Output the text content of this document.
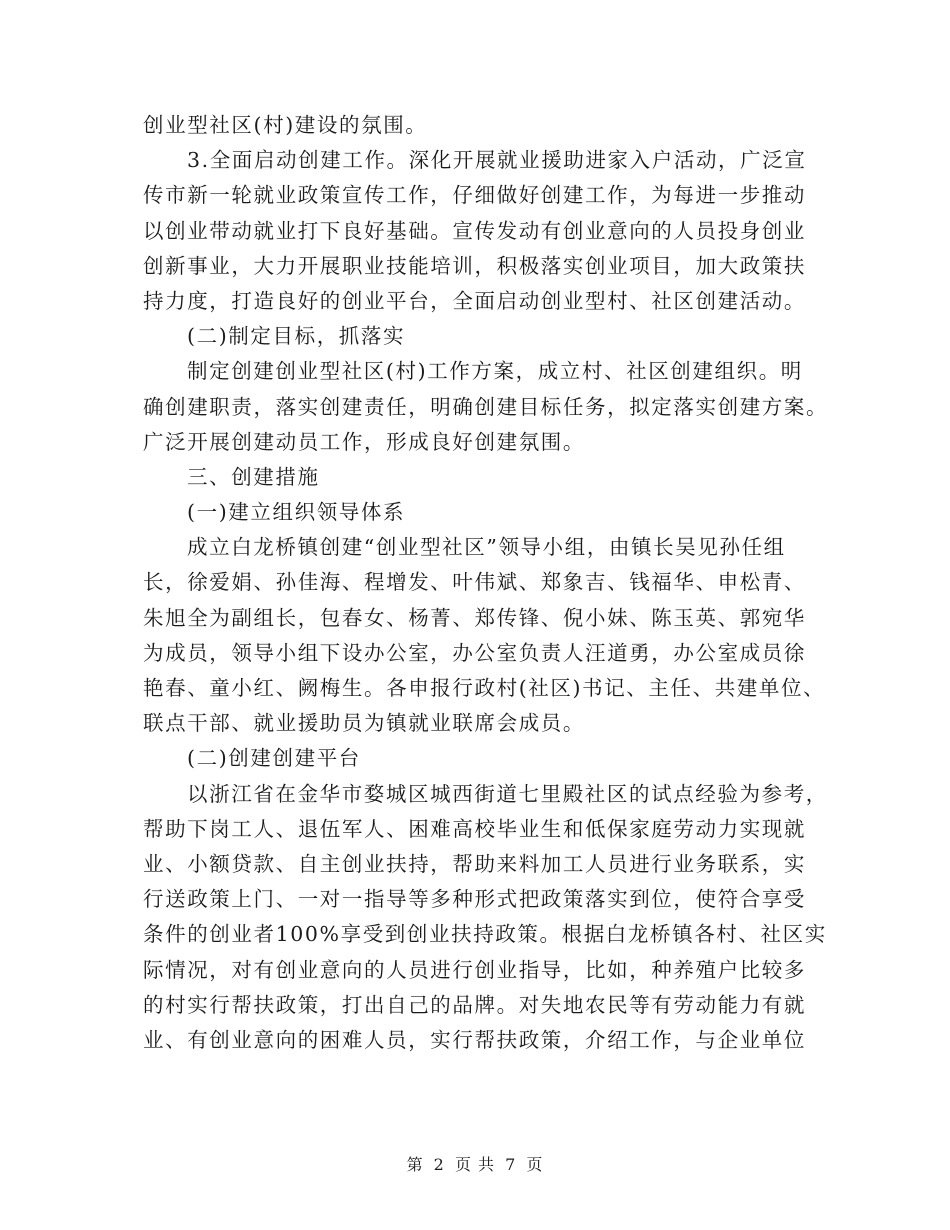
创业型社区(村)建设的氛围。
3.全面启动创建工作。深化开展就业援助进家入户活动，广泛宣
传市新一轮就业政策宣传工作，仔细做好创建工作，为每进一步推动
以创业带动就业打下良好基础。宣传发动有创业意向的人员投身创业
创新事业，大力开展职业技能培训，积极落实创业项目，加大政策扶
持力度，打造良好的创业平台，全面启动创业型村、社区创建活动。
(二)制定目标，抓落实
制定创建创业型社区(村)工作方案，成立村、社区创建组织。明
确创建职责，落实创建责任，明确创建目标任务，拟定落实创建方案。
广泛开展创建动员工作，形成良好创建氛围。
三、创建措施
(一)建立组织领导体系
成立白龙桥镇创建“创业型社区”领导小组，由镇长吴见孙任组
长，徐爱娟、孙佳海、程增发、叶伟斌、郑象吉、钱福华、申松青、
朱旭全为副组长，包春女、杨菁、郑传锋、倪小妹、陈玉英、郭宛华
为成员，领导小组下设办公室，办公室负责人汪道勇，办公室成员徐
艳春、童小红、阙梅生。各申报行政村(社区)书记、主任、共建单位、
联点干部、就业援助员为镇就业联席会成员。
(二)创建创建平台
以浙江省在金华市婺城区城西街道七里殿社区的试点经验为参考，
帮助下岗工人、退伍军人、困难高校毕业生和低保家庭劳动力实现就
业、小额贷款、自主创业扶持，帮助来料加工人员进行业务联系，实
行送政策上门、一对一指导等多种形式把政策落实到位，使符合享受
条件的创业者100%享受到创业扶持政策。根据白龙桥镇各村、社区实
际情况，对有创业意向的人员进行创业指导，比如，种养殖户比较多
的村实行帮扶政策，打出自己的品牌。对失地农民等有劳动能力有就
业、有创业意向的困难人员，实行帮扶政策，介绍工作，与企业单位
第 2 页 共 7 页
